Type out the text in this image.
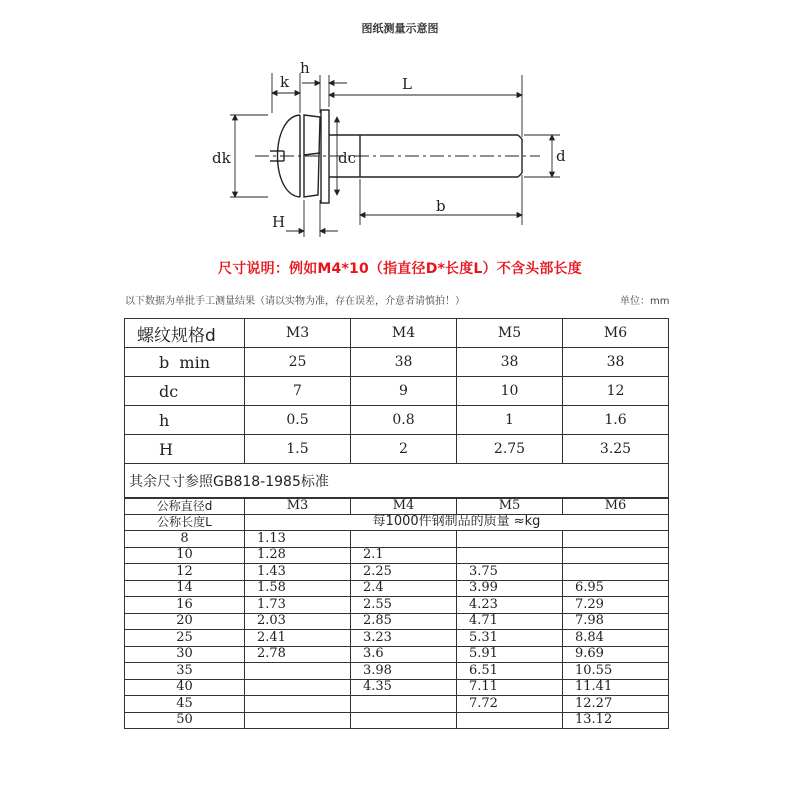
图纸测量示意图
k
h
L
dk	dc	d
b
H
尺寸说明：例如M4*10（指直径D*长度L）不含头部长度
以下数据为单批手工测量结果（请以实物为准，存在误差，介意者请慎拍！）	单位：mm
螺纹规格d	M3	M4	M5	M6
b  min	25	38	38	38
dc	7	9	10	12
h	0.5	0.8	1	1.6
H	1.5	2	2.75	3.25
其余尺寸参照GB818-1985标准				
公称直径d	M3	M4	M5	M6
公称长度L	每1000件钢制品的质量 ≈kg			
8	1.13			
10	1.28	2.1		
12	1.43	2.25	3.75	
14	1.58	2.4	3.99	6.95
16	1.73	2.55	4.23	7.29
20	2.03	2.85	4.71	7.98
25	2.41	3.23	5.31	8.84
30	2.78	3.6	5.91	9.69
35		3.98	6.51	10.55
40		4.35	7.11	11.41
45			7.72	12.27
50				13.12
